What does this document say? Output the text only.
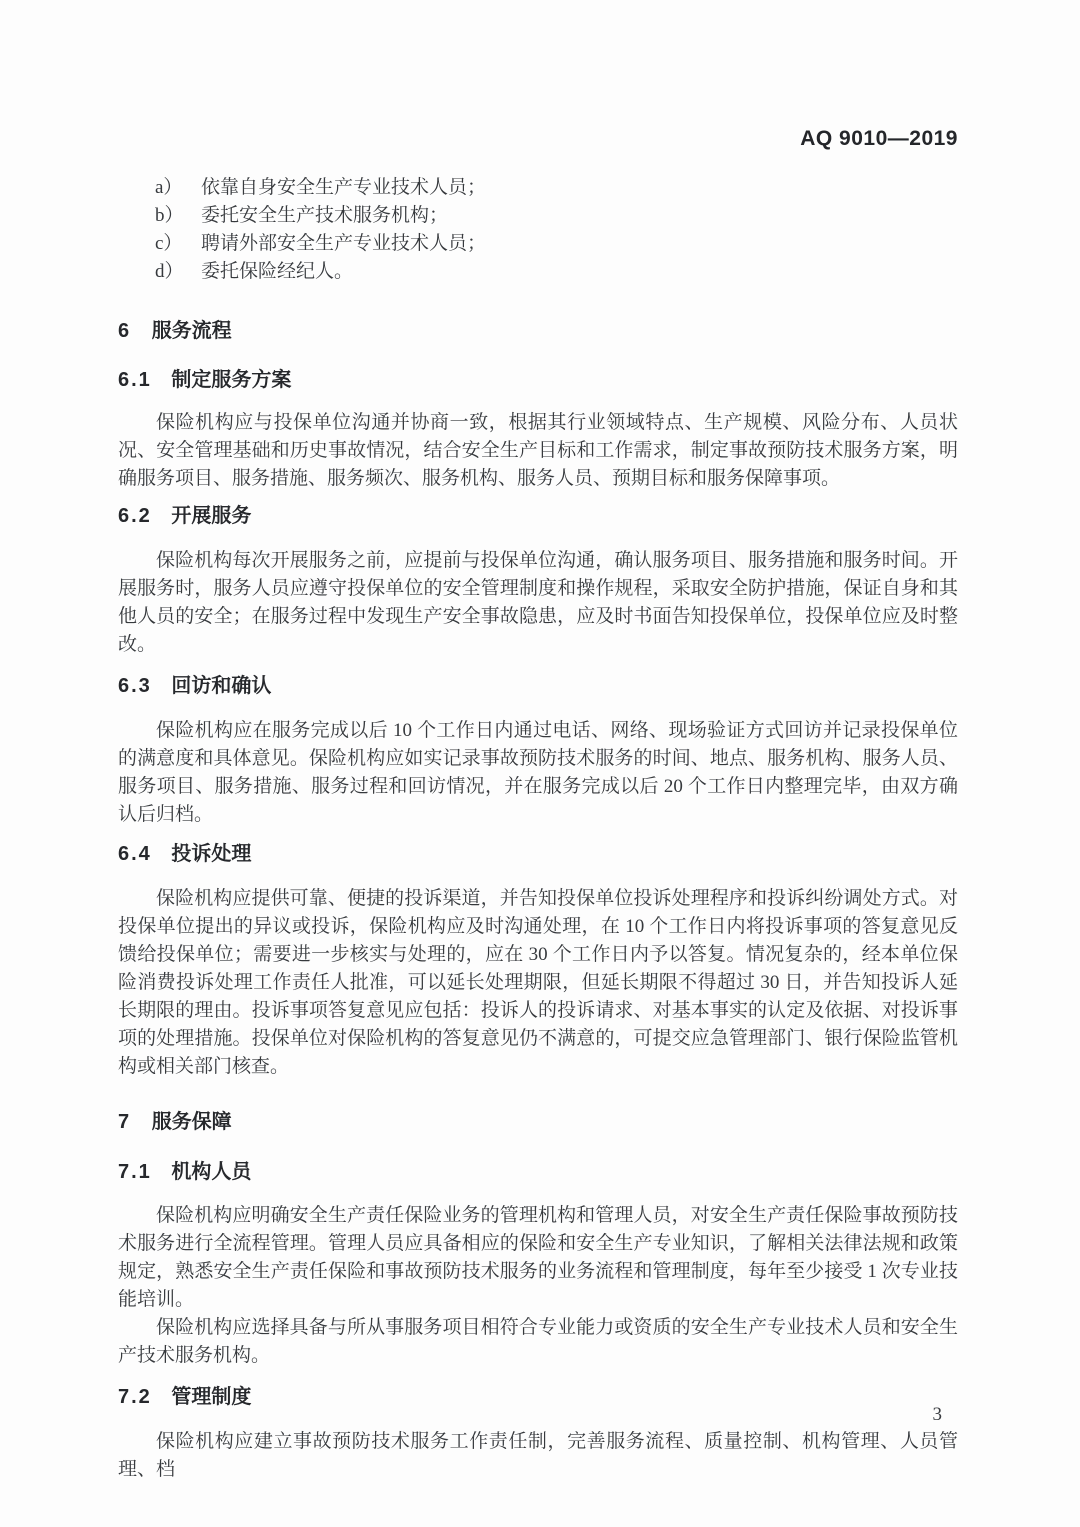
AQ 9010—2019
a） 依靠自身安全生产专业技术人员；
b） 委托安全生产技术服务机构；
c） 聘请外部安全生产专业技术人员；
d） 委托保险经纪人。
6 服务流程
6.1 制定服务方案

保险机构应与投保单位沟通并协商一致，根据其行业领域特点、生产规模、风险分布、人员状况、安全管理基础和历史事故情况，结合安全生产目标和工作需求，制定事故预防技术服务方案，明确服务项目、服务措施、服务频次、服务机构、服务人员、预期目标和服务保障事项。

6.2 开展服务

保险机构每次开展服务之前，应提前与投保单位沟通，确认服务项目、服务措施和服务时间。开展服务时，服务人员应遵守投保单位的安全管理制度和操作规程，采取安全防护措施，保证自身和其他人员的安全；在服务过程中发现生产安全事故隐患，应及时书面告知投保单位，投保单位应及时整改。

6.3 回访和确认

保险机构应在服务完成以后 10 个工作日内通过电话、网络、现场验证方式回访并记录投保单位的满意度和具体意见。保险机构应如实记录事故预防技术服务的时间、地点、服务机构、服务人员、服务项目、服务措施、服务过程和回访情况，并在服务完成以后 20 个工作日内整理完毕，由双方确认后归档。

6.4 投诉处理

保险机构应提供可靠、便捷的投诉渠道，并告知投保单位投诉处理程序和投诉纠纷调处方式。对投保单位提出的异议或投诉，保险机构应及时沟通处理，在 10 个工作日内将投诉事项的答复意见反馈给投保单位；需要进一步核实与处理的，应在 30 个工作日内予以答复。情况复杂的，经本单位保险消费投诉处理工作责任人批准，可以延长处理期限，但延长期限不得超过 30 日，并告知投诉人延长期限的理由。投诉事项答复意见应包括：投诉人的投诉请求、对基本事实的认定及依据、对投诉事项的处理措施。投保单位对保险机构的答复意见仍不满意的，可提交应急管理部门、银行保险监管机构或相关部门核查。

7 服务保障
7.1 机构人员

保险机构应明确安全生产责任保险业务的管理机构和管理人员，对安全生产责任保险事故预防技术服务进行全流程管理。管理人员应具备相应的保险和安全生产专业知识，了解相关法律法规和政策规定，熟悉安全生产责任保险和事故预防技术服务的业务流程和管理制度，每年至少接受 1 次专业技能培训。

保险机构应选择具备与所从事服务项目相符合专业能力或资质的安全生产专业技术人员和安全生产技术服务机构。

7.2 管理制度

保险机构应建立事故预防技术服务工作责任制，完善服务流程、质量控制、机构管理、人员管理、档

3
